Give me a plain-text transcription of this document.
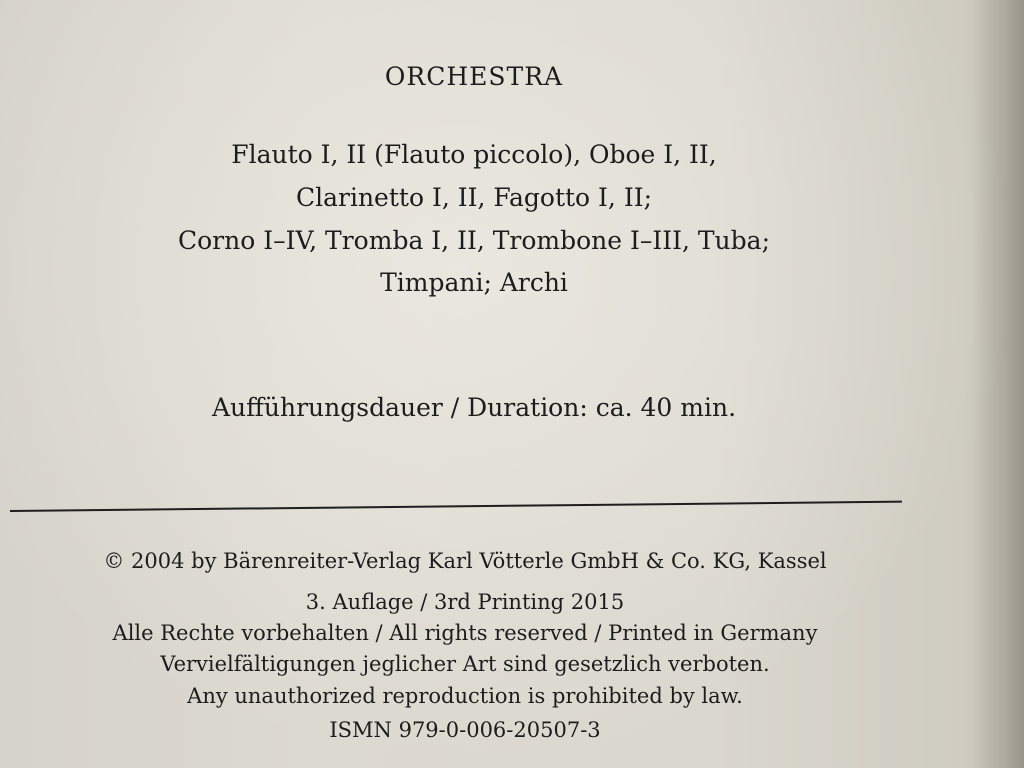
ORCHESTRA
Flauto I, II (Flauto piccolo), Oboe I, II,
Clarinetto I, II, Fagotto I, II;
Corno I–IV, Tromba I, II, Trombone I–III, Tuba;
Timpani; Archi
Aufführungsdauer / Duration: ca. 40 min.
© 2004 by Bärenreiter-Verlag Karl Vötterle GmbH & Co. KG, Kassel
3. Auflage / 3rd Printing 2015
Alle Rechte vorbehalten / All rights reserved / Printed in Germany
Vervielfältigungen jeglicher Art sind gesetzlich verboten.
Any unauthorized reproduction is prohibited by law.
ISMN 979-0-006-20507-3
